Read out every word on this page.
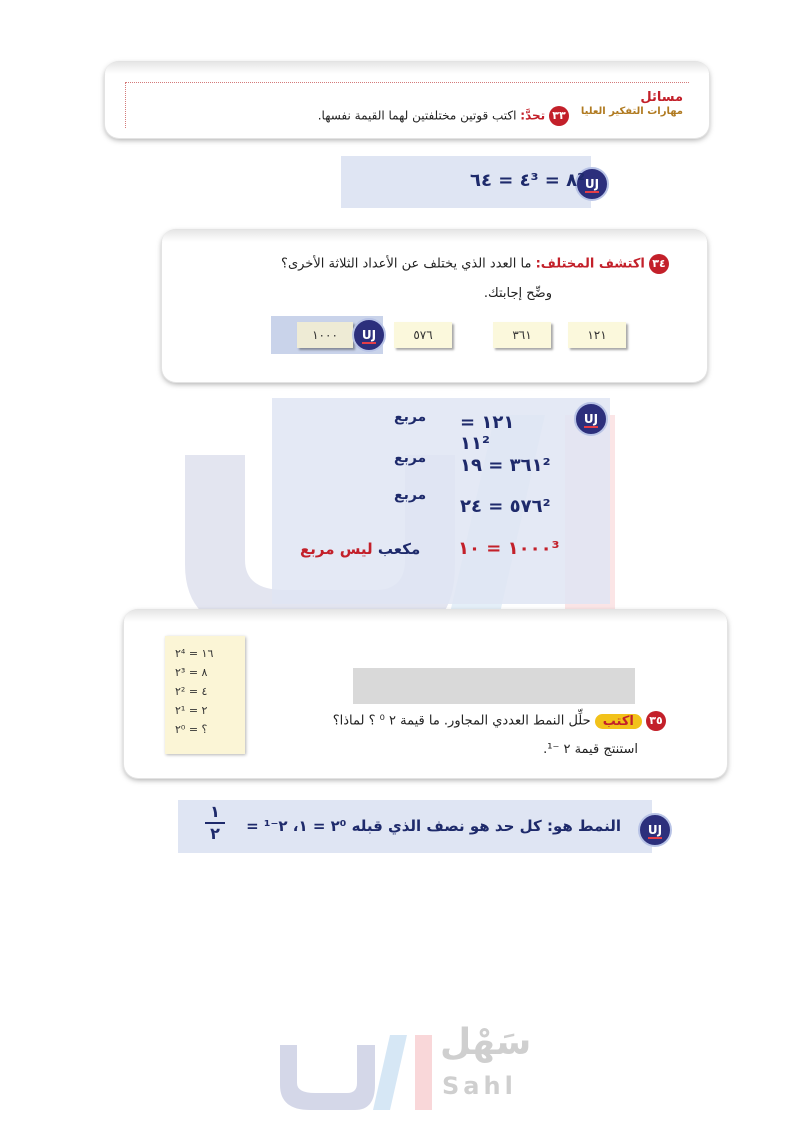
مسائل
مهارات التفكير العليا
٣٣ تحدَّ: اكتب قوتين مختلفتين لهما القيمة نفسها.
UJ
٨² = ٤³ = ٦٤
٣٤ اكتشف المختلف: ما العدد الذي يختلف عن الأعداد الثلاثة الأخرى؟
وضِّح إجابتك.
١٢١
٣٦١
٥٧٦
١٠٠٠	UJ
UJ
١٢١ = ١١²
مربع
٣٦١ = ١٩²
مربع
٥٧٦ = ٢٤²
مربع
١٠٠٠ = ١٠³
مكعب ليس مربع
٢⁴ = ١٦
٢³ = ٨
٢² = ٤
٢¹ = ٢
٢⁰ = ؟
٣٥ اكتب حلِّل النمط العددي المجاور. ما قيمة ٢ ⁰ ؟ لماذا؟
استنتج قيمة ٢ ⁻¹.
UJ
النمط هو: كل حد هو نصف الذي قبله ٢⁰ = ١، ٢⁻¹ =
١
٢
سَهْل
Sahl
